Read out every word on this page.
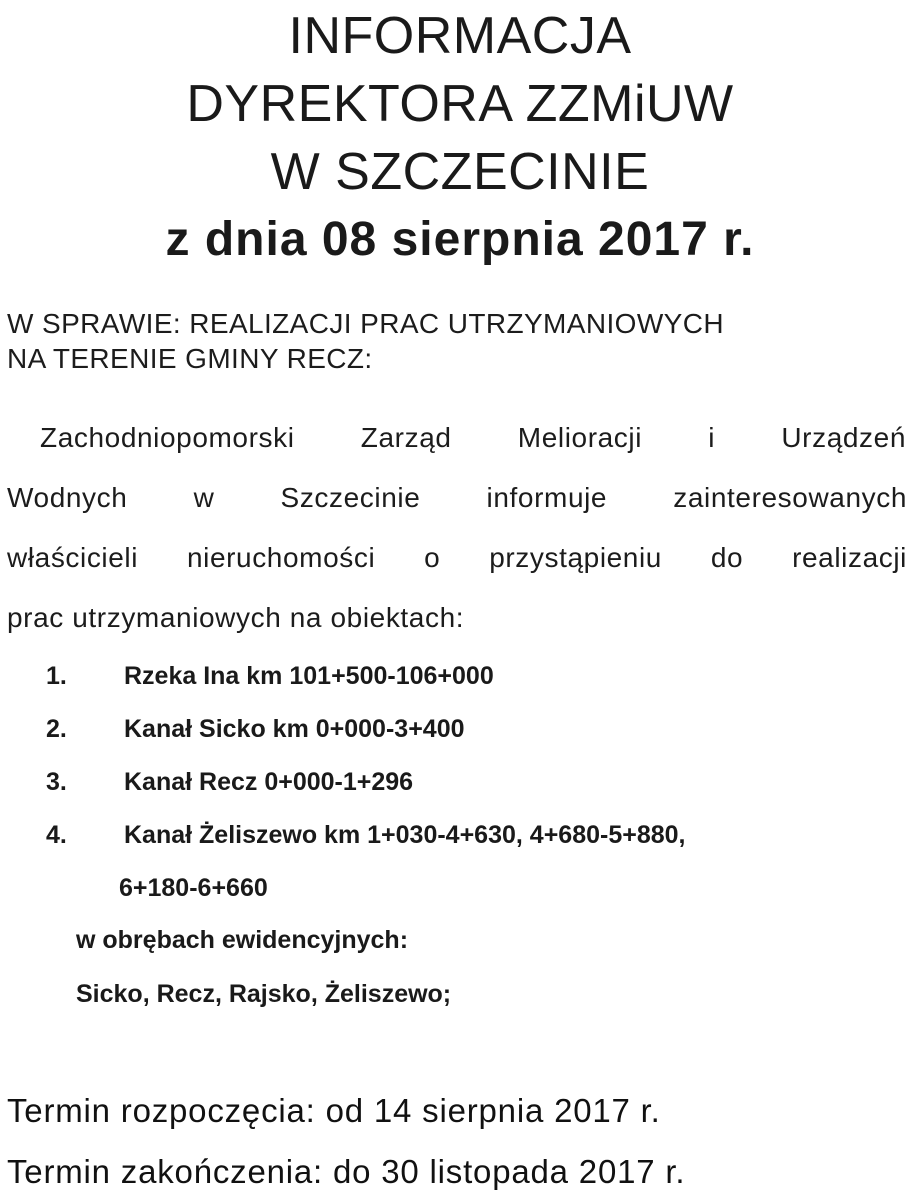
INFORMACJA
DYREKTORA ZZMiUW
W SZCZECINIE
z dnia 08 sierpnia 2017 r.
W SPRAWIE: REALIZACJI PRAC UTRZYMANIOWYCH
NA TERENIE GMINY RECZ:
Zachodniopomorski Zarząd Melioracji i Urządzeń
Wodnych w Szczecinie informuje zainteresowanych
właścicieli nieruchomości o przystąpieniu do realizacji
prac utrzymaniowych na obiektach:
1. Rzeka Ina km 101+500-106+000
2. Kanał Sicko km 0+000-3+400
3. Kanał Recz 0+000-1+296
4. Kanał Żeliszewo km 1+030-4+630, 4+680-5+880,
6+180-6+660
w obrębach ewidencyjnych:
Sicko, Recz, Rajsko, Żeliszewo;
Termin rozpoczęcia: od 14 sierpnia 2017 r.
Termin zakończenia: do 30 listopada 2017 r.
